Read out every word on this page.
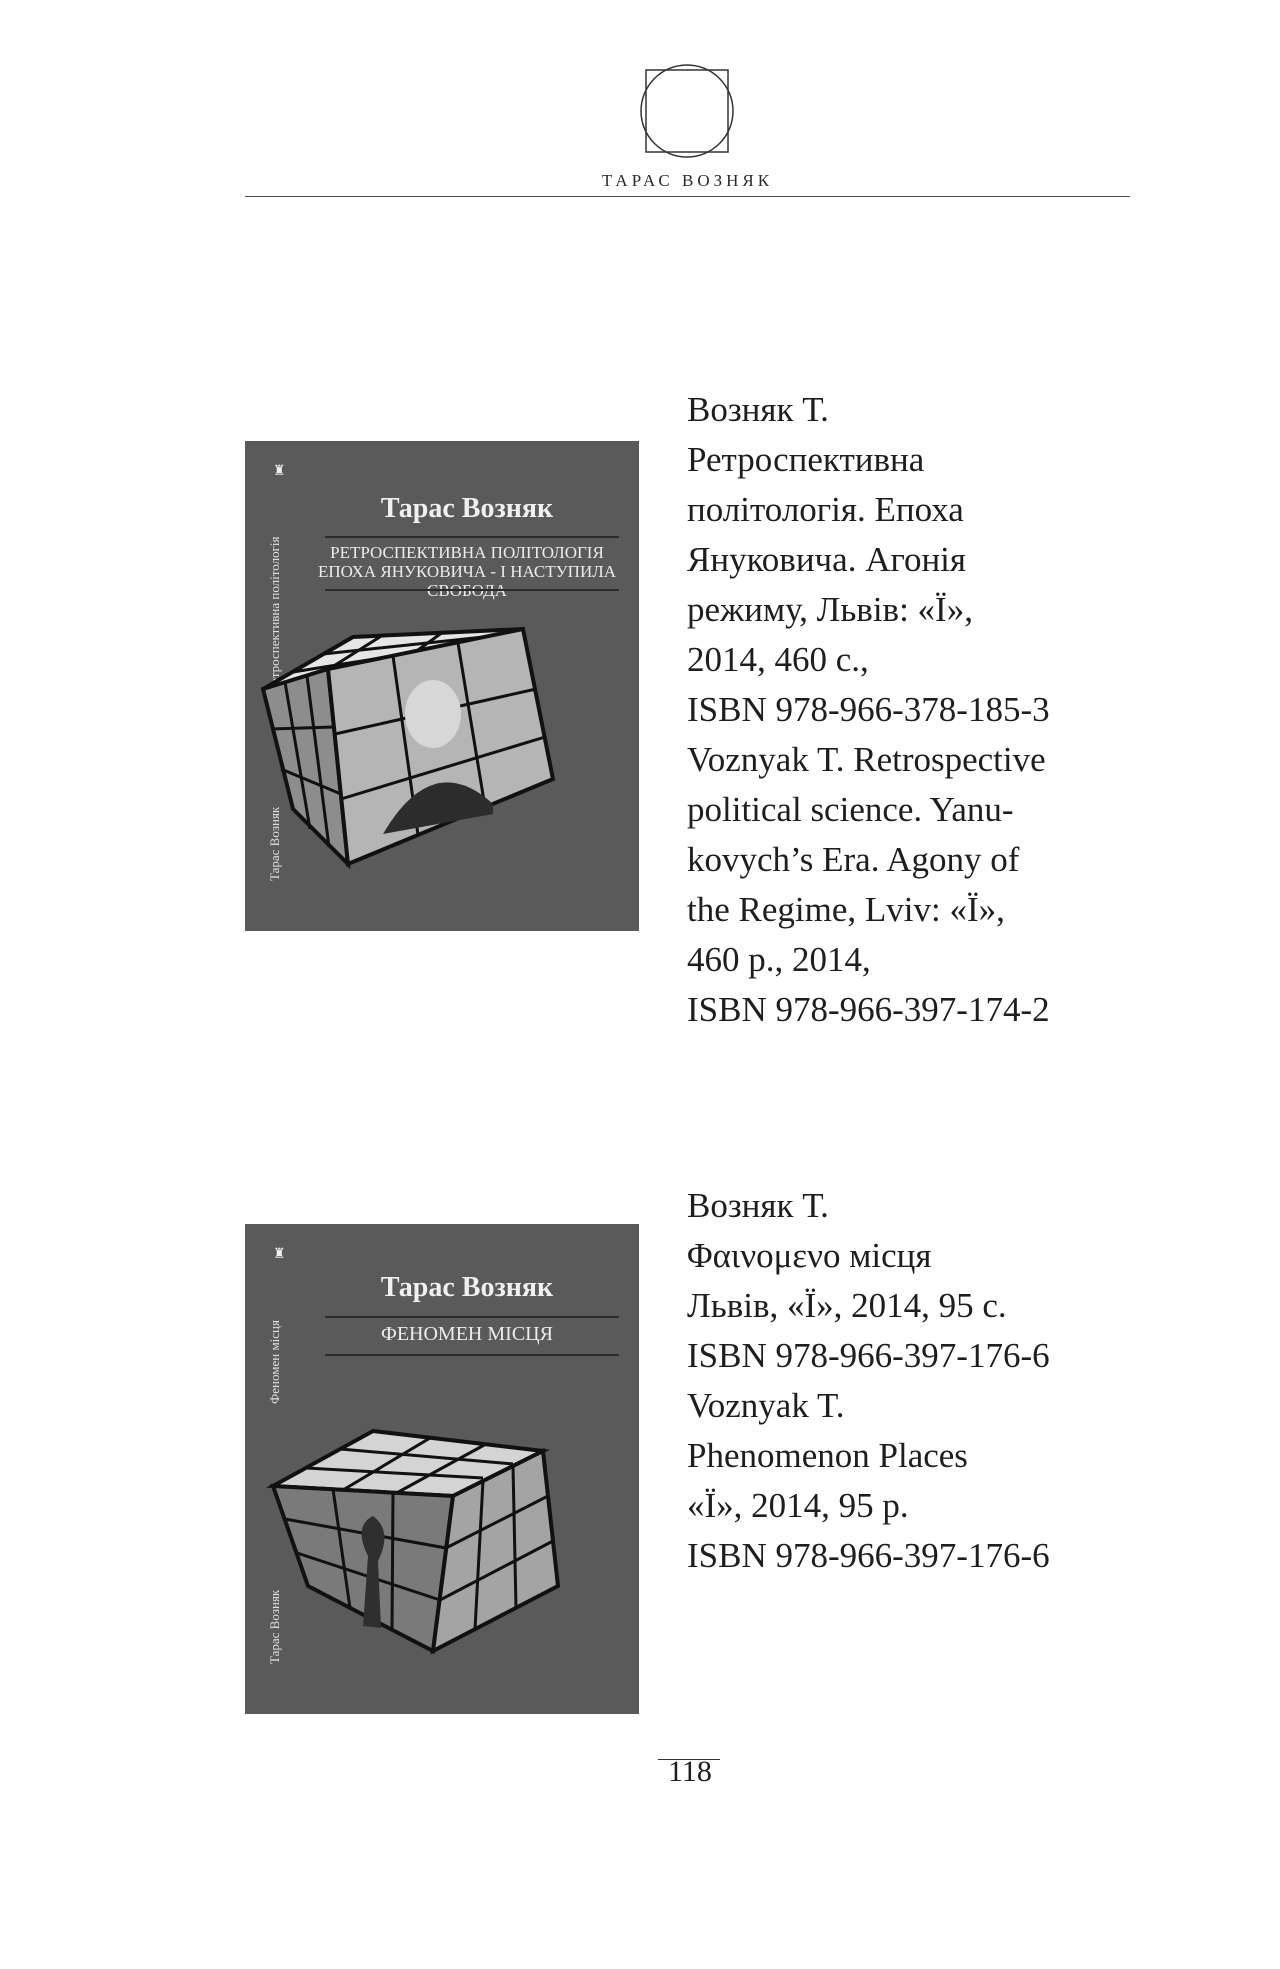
ТАРАС ВОЗНЯК
♜
Ретроспективна політологія
Тарас Возняк
Тарас Возняк
РЕТРОСПЕКТИВНА ПОЛІТОЛОГІЯ
ЕПОХА ЯНУКОВИЧА - І НАСТУПИЛА
Возняк Т.
Ретроспективна
політологія. Епоха
Януковича. Агонія
режиму, Львів: «Ї»,
2014, 460 с.,
ISBN 978-966-378-185-3
Voznyak T. Retrospective
political science. Yanu-
kovych’s Era. Agony of
the Regime, Lviv: «Ї»,
460 p., 2014,
ISBN 978-966-397-174-2
♜
Феномен місця
Тарас Возняк
Тарас Возняк
ФЕНОМЕН МІСЦЯ
Возняк Т.
Φαινομενο місця
Львів, «Ї», 2014, 95 с.
ISBN 978-966-397-176-6
Voznyak T.
Phenomenon Places
«Ї», 2014, 95 p.
ISBN 978-966-397-176-6
118
